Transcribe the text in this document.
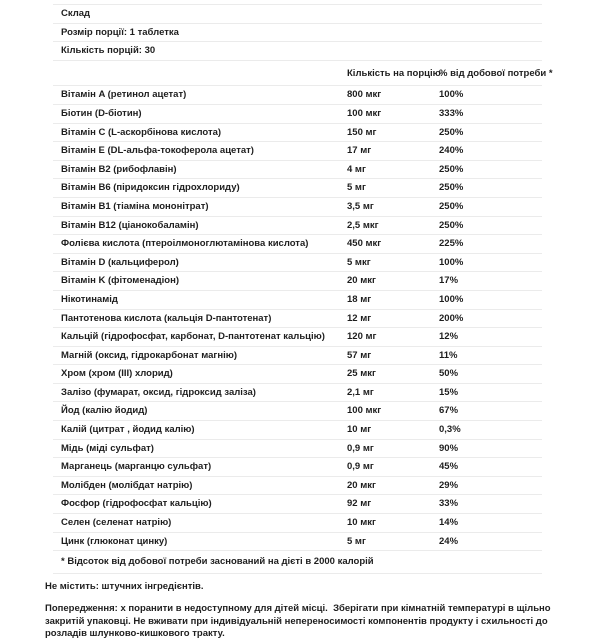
Склад		
Розмір порції: 1 таблетка		
Кількість порцій: 30		
	Кількість на порцію	% від добової потреби *
Вітамін A (ретинол ацетат)	800 мкг	100%
Біотин (D-біотин)	100 мкг	333%
Вітамін C (L-аскорбінова кислота)	150 мг	250%
Вітамін E (DL-альфа-токоферола ацетат)	17 мг	240%
Вітамін B2 (рибофлавін)	4 мг	250%
Вітамін B6 (піридоксин гідрохлориду)	5 мг	250%
Вітамін B1 (тіаміна мононітрат)	3,5 мг	250%
Вітамін B12 (ціанокобаламін)	2,5 мкг	250%
Фолієва кислота (птероілмоноглютамінова кислота)	450 мкг	225%
Вітамін D (кальциферол)	5 мкг	100%
Вітамін K (фітоменадіон)	20 мкг	17%
Нікотинамід	18 мг	100%
Пантотенова кислота (кальція D-пантотенат)	12 мг	200%
Кальцій (гідрофосфат, карбонат, D-пантотенат кальцію)	120 мг	12%
Магній (оксид, гідрокарбонат магнію)	57 мг	11%
Хром (хром (III) хлорид)	25 мкг	50%
Залізо (фумарат, оксид, гідроксид заліза)	2,1 мг	15%
Йод (калію йодид)	100 мкг	67%
Калій (цитрат , йодид калію)	10 мг	0,3%
Мідь (міді сульфат)	0,9 мг	90%
Марганець (марганцю сульфат)	0,9 мг	45%
Молібден (молібдат натрію)	20 мкг	29%
Фосфор (гідрофосфат кальцію)	92 мг	33%
Селен (селенат натрію)	10 мкг	14%
Цинк (глюконат цинку)	5 мг	24%
* Відсоток від добової потреби заснований на дієті в 2000 калорій		

Не містить: штучних інгредієнтів.

Попередження: х поранити в недоступному для дітей місці.  Зберігати при кімнатній температурі в щільно закритій упаковці. Не вживати при індивідуальній непереносимості компонентів продукту і схильності до розладів шлунково-кишкового тракту.
